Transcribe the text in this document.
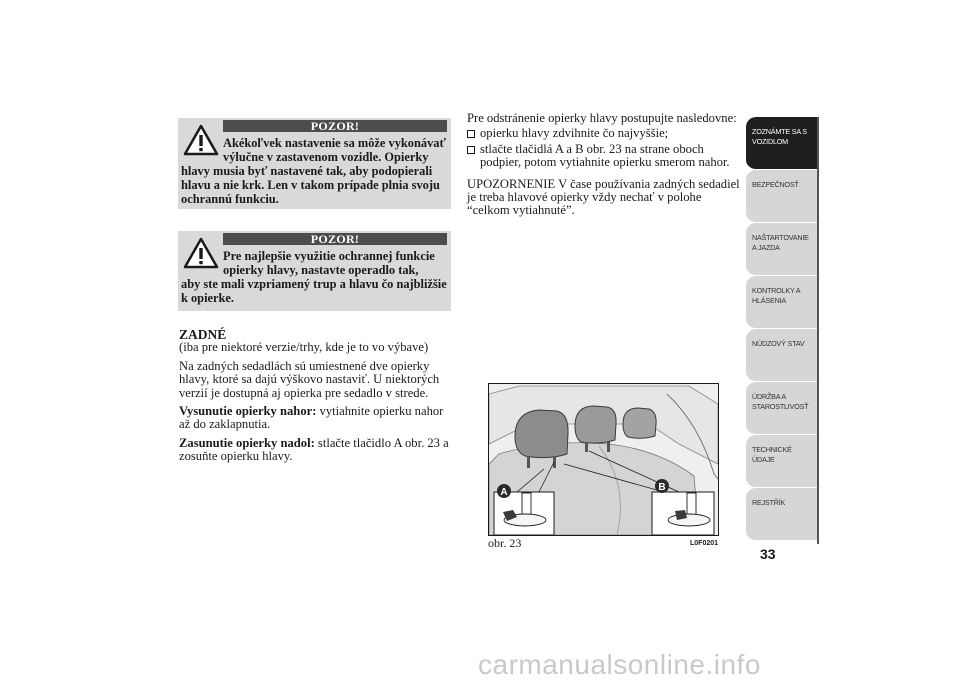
POZOR!
Akékoľvek nastavenie sa môže vykonávať
výlučne v zastavenom vozidle. Opierky
hlavy musia byť nastavené tak, aby podopierali
hlavu a nie krk. Len v takom prípade plnia svoju
ochrannú funkciu.
POZOR!
Pre najlepšie využitie ochrannej funkcie
opierky hlavy, nastavte operadlo tak,
aby ste mali vzpriamený trup a hlavu čo najbližšie
k opierke.

ZADNÉ

(iba pre niektoré verzie/trhy, kde je to vo výbave)

Na zadných sedadlách sú umiestnené dve opierky hlavy, ktoré sa dajú výškovo nastaviť. U niektorých verzií je dostupná aj opierka pre sedadlo v strede.

Vysunutie opierky nahor: vytiahnite opierku nahor až do zaklapnutia.

Zasunutie opierky nadol: stlačte tlačidlo A obr. 23 a zosuňte opierku hlavy.

Pre odstránenie opierky hlavy postupujte nasledovne:

opierku hlavy zdvihnite čo najvyššie;
stlačte tlačidlá A a B obr. 23 na strane oboch podpier, potom vytiahnite opierku smerom nahor.

UPOZORNENIE V čase používania zadných sedadiel je treba hlavové opierky vždy nechať v polohe “celkom vytiahnuté”.

A	B
obr. 23	L0F0201
ZOZNÁMTE SA S
VOZIDLOM
BEZPEČNOSŤ
NAŠTARTOVANIE
A JAZDA
KONTROLKY A
HLÁSENIA
NÚDZOVÝ STAV
ÚDRŽBA A
STAROSTLIVOSŤ
TECHNICKÉ
ÚDAJE
REJSTŘÍK
33
carmanualsonline.info
